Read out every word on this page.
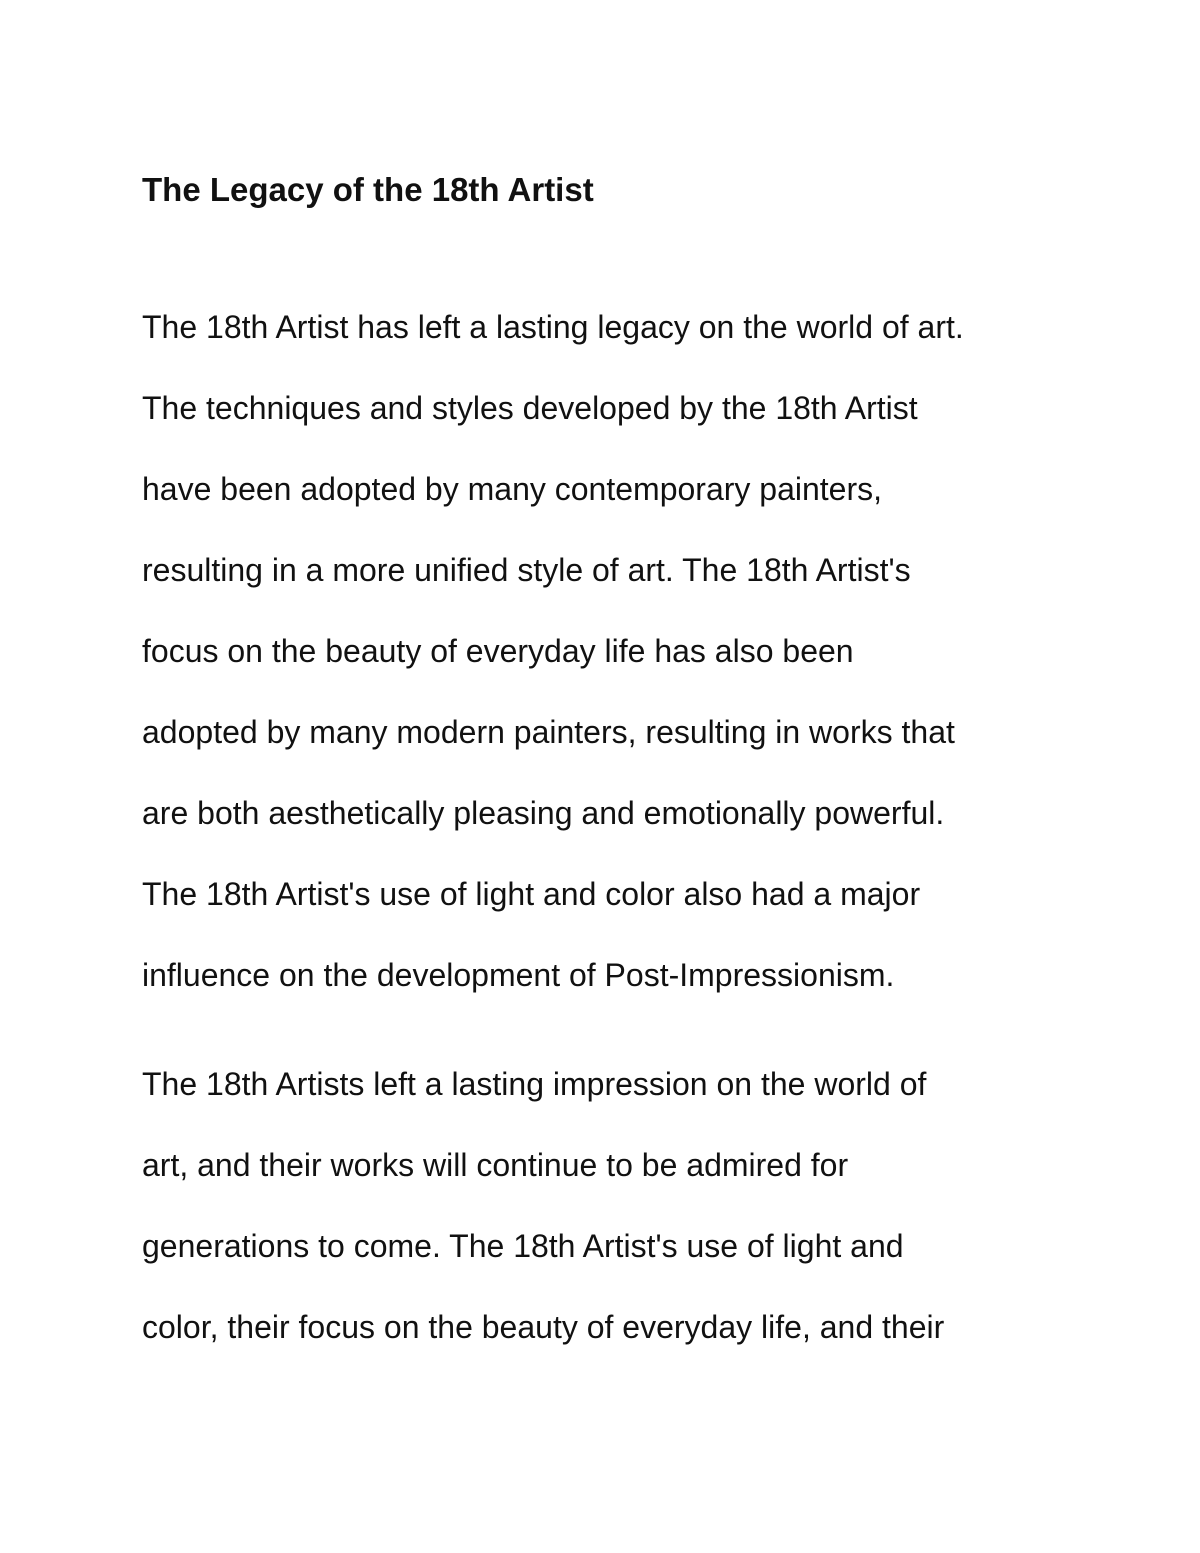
The Legacy of the 18th Artist

The 18th Artist has left a lasting legacy on the world of art.

The techniques and styles developed by the 18th Artist

have been adopted by many contemporary painters,

resulting in a more unified style of art. The 18th Artist's

focus on the beauty of everyday life has also been

adopted by many modern painters, resulting in works that

are both aesthetically pleasing and emotionally powerful.

The 18th Artist's use of light and color also had a major

influence on the development of Post-Impressionism.

The 18th Artists left a lasting impression on the world of

art, and their works will continue to be admired for

generations to come. The 18th Artist's use of light and

color, their focus on the beauty of everyday life, and their
